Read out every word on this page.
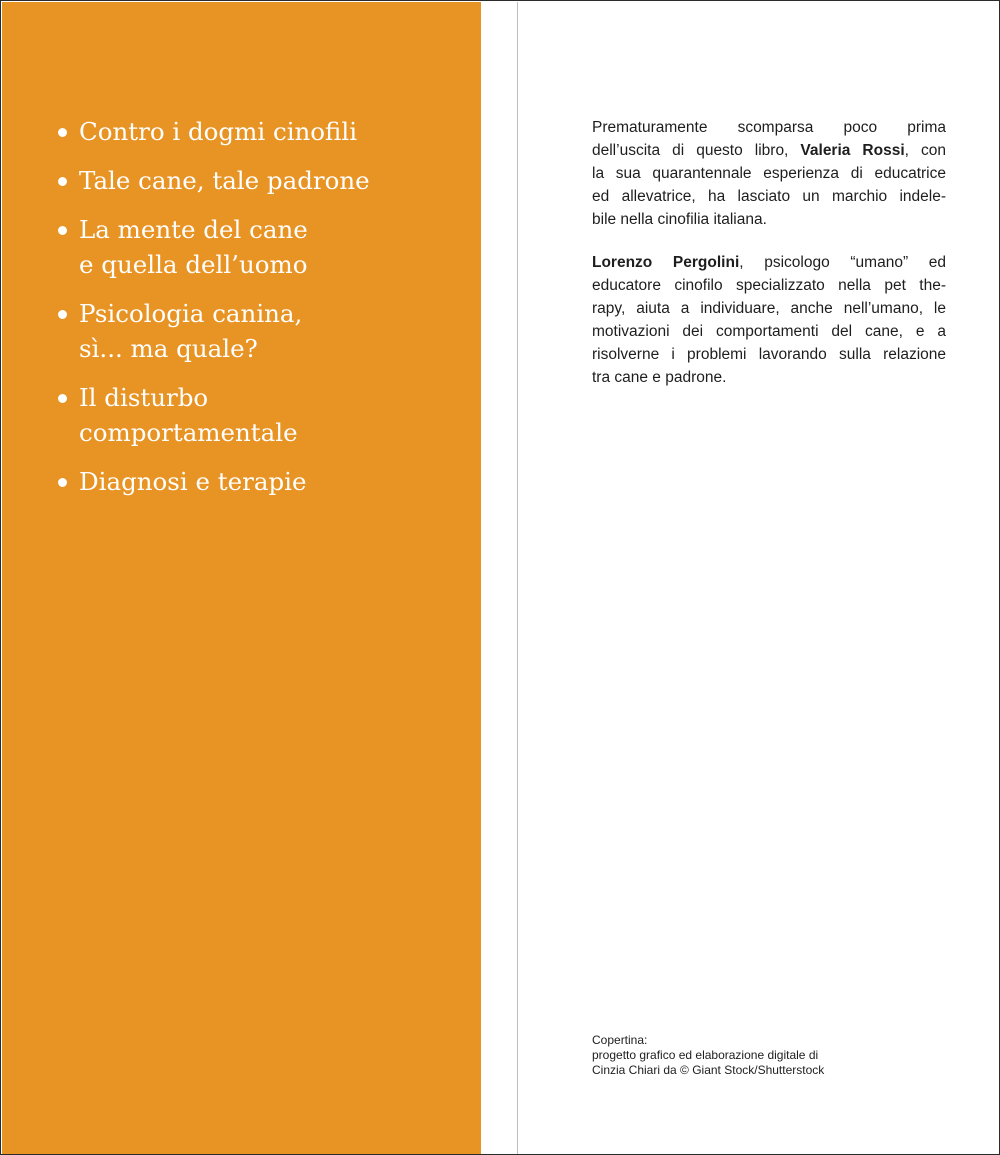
Contro i dogmi cinofili
Tale cane, tale padrone
La mente del cane
e quella dell’uomo
Psicologia canina,
sì... ma quale?
Il disturbo
comportamentale
Diagnosi e terapie

Prematuramente scomparsa poco prima
dell’uscita di questo libro, Valeria Rossi, con
la sua quarantennale esperienza di educatrice
ed allevatrice, ha lasciato un marchio indele-
bile nella cinofilia italiana.

Lorenzo Pergolini, psicologo “umano” ed
educatore cinofilo specializzato nella pet the-
rapy, aiuta a individuare, anche nell’umano, le
motivazioni dei comportamenti del cane, e a
risolverne i problemi lavorando sulla relazione
tra cane e padrone.

Copertina:
progetto grafico ed elaborazione digitale di
Cinzia Chiari da © Giant Stock/Shutterstock
